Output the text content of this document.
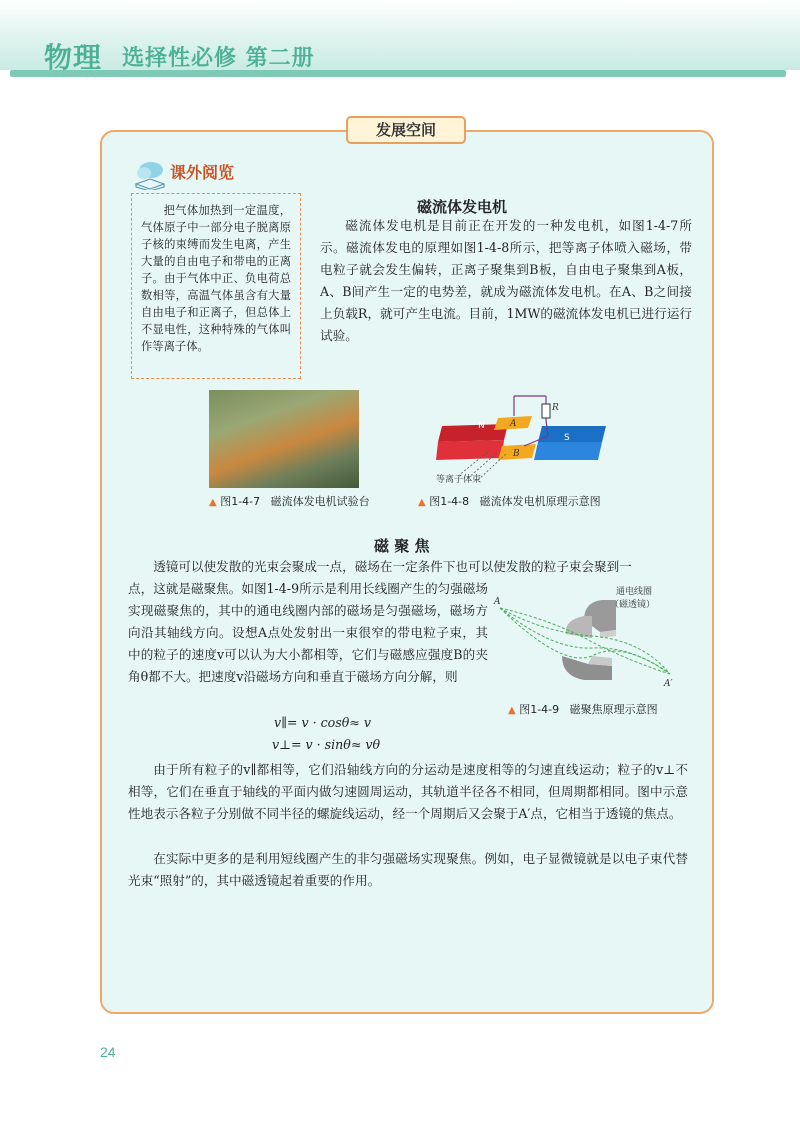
物理 选择性必修 第二册
发展空间
课外阅览

把气体加热到一定温度，气体原子中一部分电子脱离原子核的束缚而发生电离，产生大量的自由电子和带电的正离子。由于气体中正、负电荷总数相等，高温气体虽含有大量自由电子和正离子，但总体上不显电性，这种特殊的气体叫作等离子体。

磁流体发电机

磁流体发电机是目前正在开发的一种发电机，如图1-4-7所示。磁流体发电的原理如图1-4-8所示，把等离子体喷入磁场，带电粒子就会发生偏转，正离子聚集到B板，自由电子聚集到A板，A、B间产生一定的电势差，就成为磁流体发电机。在A、B之间接上负载R，就可产生电流。目前，1MW的磁流体发电机已进行运行试验。

▲ 图1-4-7 磁流体发电机试验台
N
S
A
B
R
等离子体束
▲ 图1-4-8 磁流体发电机原理示意图
磁 聚 焦

透镜可以使发散的光束会聚成一点，磁场在一定条件下也可以使发散的粒子束会聚到一

点，这就是磁聚焦。如图1-4-9所示是利用长线圈产生的匀强磁场实现磁聚焦的，其中的通电线圈内部的磁场是匀强磁场，磁场方向沿其轴线方向。设想A点处发射出一束很窄的带电粒子束，其中的粒子的速度v可以认为大小都相等，它们与磁感应强度B的夹角θ都不大。把速度v沿磁场方向和垂直于磁场方向分解，则

A
A′
通电线圈
（磁透镜）
▲ 图1-4-9 磁聚焦原理示意图
v∥= v · cosθ≈ v
v⊥= v · sinθ≈ vθ

由于所有粒子的v∥都相等，它们沿轴线方向的分运动是速度相等的匀速直线运动；粒子的v⊥不相等，它们在垂直于轴线的平面内做匀速圆周运动，其轨道半径各不相同，但周期都相同。图中示意性地表示各粒子分别做不同半径的螺旋线运动，经一个周期后又会聚于A′点，它相当于透镜的焦点。

在实际中更多的是利用短线圈产生的非匀强磁场实现聚焦。例如，电子显微镜就是以电子束代替光束“照射”的，其中磁透镜起着重要的作用。

24
